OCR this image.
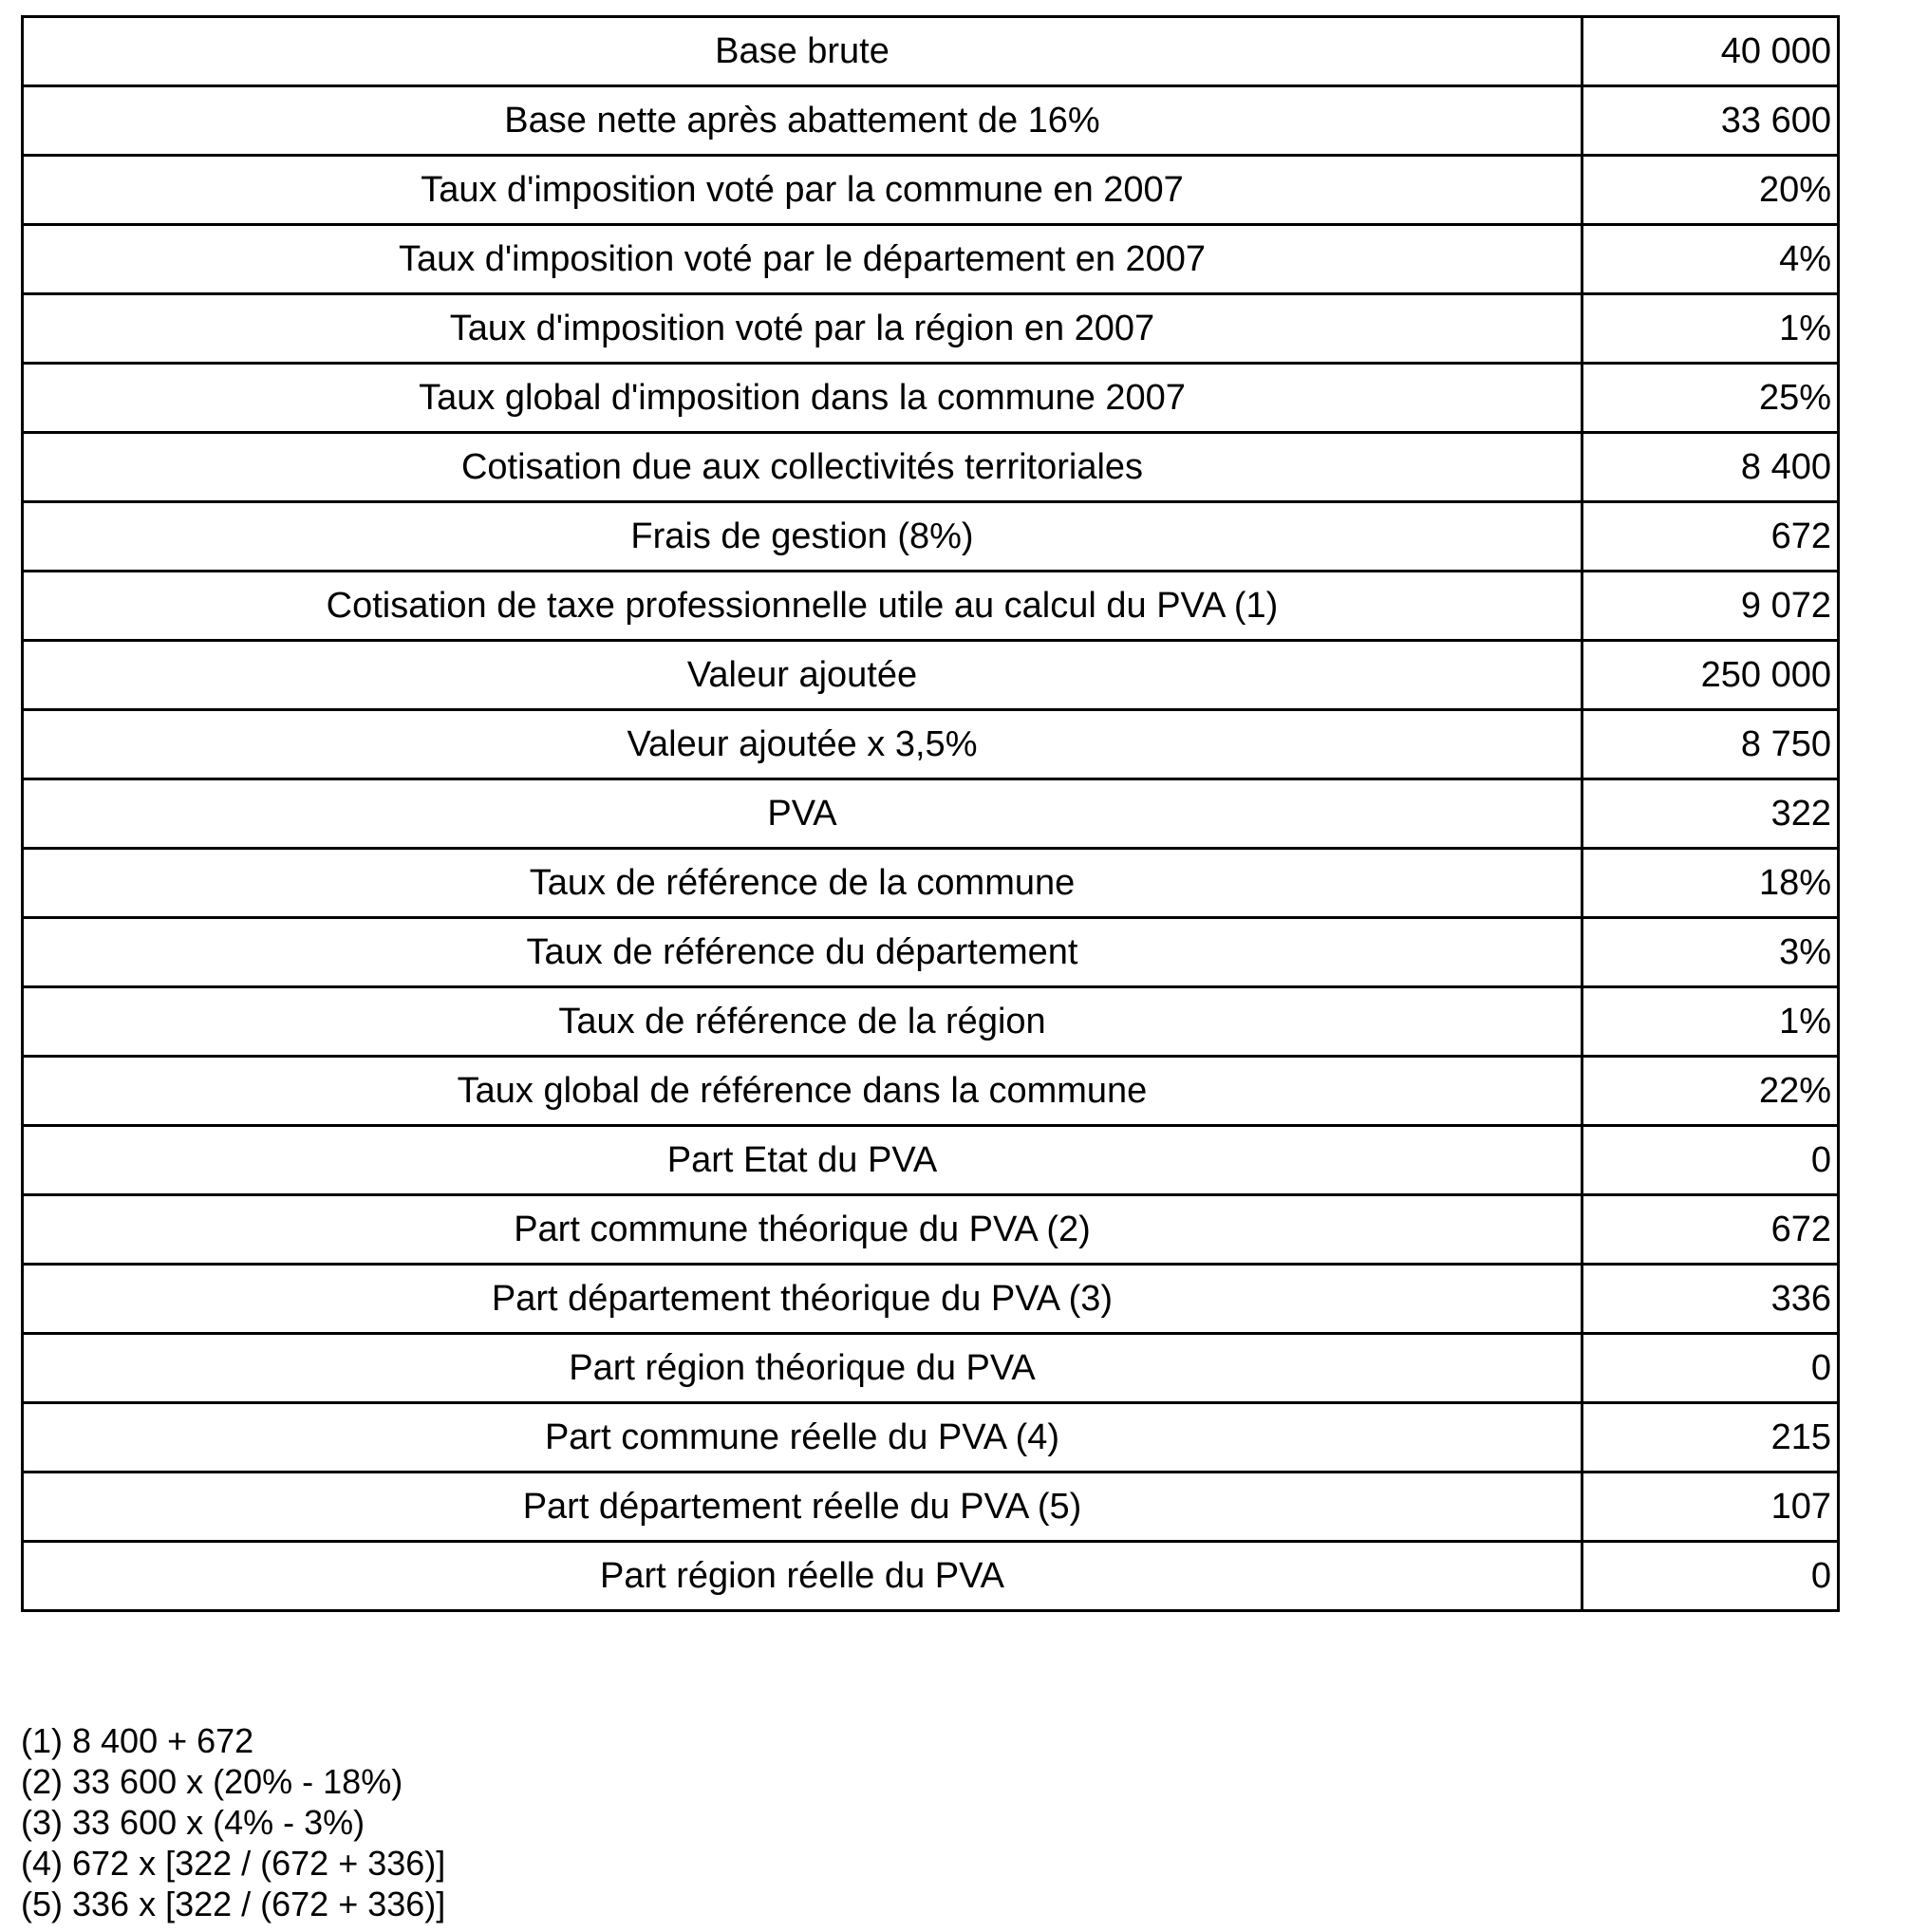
Base brute	40 000
Base nette après abattement de 16%	33 600
Taux d'imposition voté par la commune en 2007	20%
Taux d'imposition voté par le département en 2007	4%
Taux d'imposition voté par la région en 2007	1%
Taux global d'imposition dans la commune 2007	25%
Cotisation due aux collectivités territoriales	8 400
Frais de gestion (8%)	672
Cotisation de taxe professionnelle utile au calcul du PVA (1)	9 072
Valeur ajoutée	250 000
Valeur ajoutée x 3,5%	8 750
PVA	322
Taux de référence de la commune	18%
Taux de référence du département	3%
Taux de référence de la région	1%
Taux global de référence dans la commune	22%
Part Etat du PVA	0
Part commune théorique du PVA (2)	672
Part département théorique du PVA (3)	336
Part région théorique du PVA	0
Part commune réelle du PVA (4)	215
Part département réelle du PVA (5)	107
Part région réelle du PVA	0
(1) 8 400 + 672
(2) 33 600 x (20% - 18%)
(3) 33 600 x (4% - 3%)
(4) 672 x [322 / (672 + 336)]
(5) 336 x [322 / (672 + 336)]
